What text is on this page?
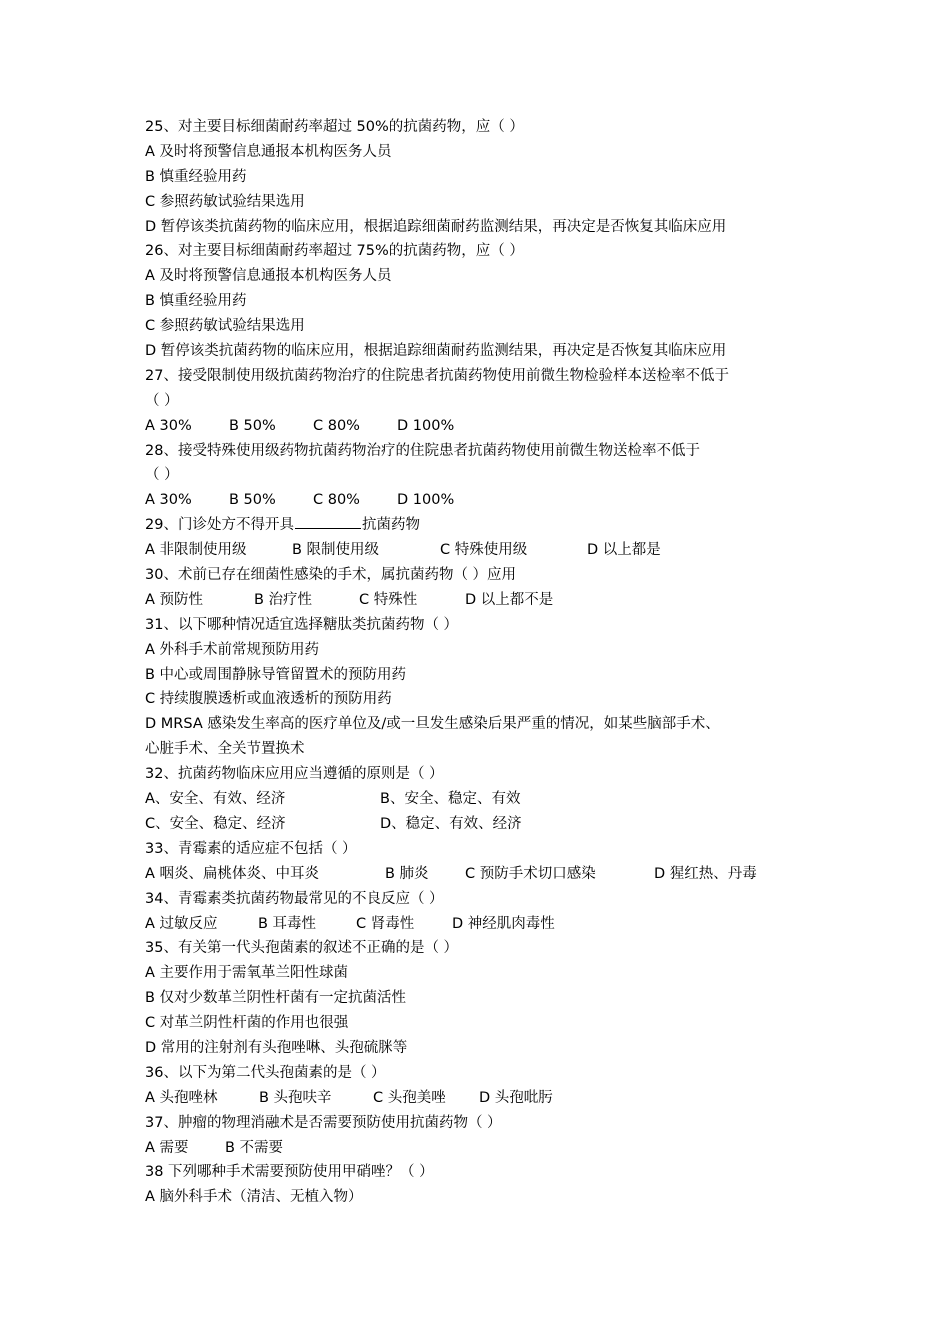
25、对主要目标细菌耐药率超过 50%的抗菌药物，应（ ）
A 及时将预警信息通报本机构医务人员
B 慎重经验用药
C 参照药敏试验结果选用
D 暂停该类抗菌药物的临床应用，根据追踪细菌耐药监测结果，再决定是否恢复其临床应用
26、对主要目标细菌耐药率超过 75%的抗菌药物，应（ ）
A 及时将预警信息通报本机构医务人员
B 慎重经验用药
C 参照药敏试验结果选用
D 暂停该类抗菌药物的临床应用，根据追踪细菌耐药监测结果，再决定是否恢复其临床应用
27、接受限制使用级抗菌药物治疗的住院患者抗菌药物使用前微生物检验样本送检率不低于
（ ）
A 30%	B 50%	C 80%	D 100%
28、接受特殊使用级药物抗菌药物治疗的住院患者抗菌药物使用前微生物送检率不低于
（ ）
A 30%	B 50%	C 80%	D 100%
29、门诊处方不得开具	抗菌药物
A 非限制使用级	B 限制使用级	C 特殊使用级	D 以上都是
30、术前已存在细菌性感染的手术，属抗菌药物（ ）应用
A 预防性	B 治疗性	C 特殊性	D 以上都不是
31、以下哪种情况适宜选择糖肽类抗菌药物（ ）
A 外科手术前常规预防用药
B 中心或周围静脉导管留置术的预防用药
C 持续腹膜透析或血液透析的预防用药
D MRSA 感染发生率高的医疗单位及/或一旦发生感染后果严重的情况，如某些脑部手术、
心脏手术、全关节置换术
32、抗菌药物临床应用应当遵循的原则是（ ）
A、安全、有效、经济	B、安全、稳定、有效
C、安全、稳定、经济	D、稳定、有效、经济
33、青霉素的适应症不包括（ ）
A 咽炎、扁桃体炎、中耳炎	B 肺炎	C 预防手术切口感染	D 猩红热、丹毒
34、青霉素类抗菌药物最常见的不良反应（ ）
A 过敏反应	B 耳毒性	C 肾毒性	D 神经肌肉毒性
35、有关第一代头孢菌素的叙述不正确的是（ ）
A 主要作用于需氧革兰阳性球菌
B 仅对少数革兰阴性杆菌有一定抗菌活性
C 对革兰阴性杆菌的作用也很强
D 常用的注射剂有头孢唑啉、头孢硫脒等
36、以下为第二代头孢菌素的是（ ）
A 头孢唑林	B 头孢呋辛	C 头孢美唑	D 头孢吡肟
37、肿瘤的物理消融术是否需要预防使用抗菌药物（ ）
A 需要	B 不需要
38 下列哪种手术需要预防使用甲硝唑？（ ）
A 脑外科手术（清洁、无植入物）
